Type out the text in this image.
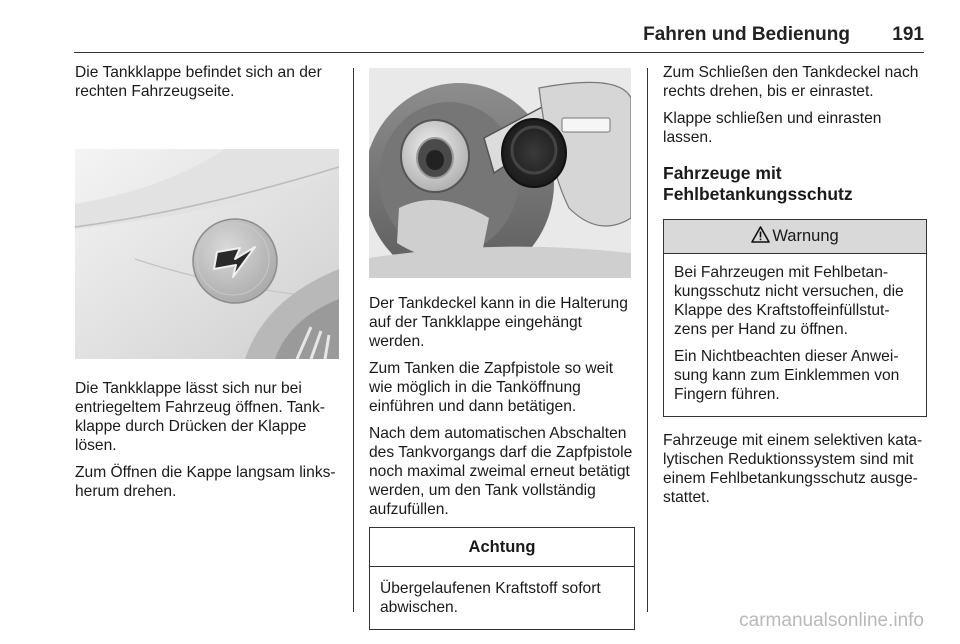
Fahren und Bedienung 191

Die Tankklappe befindet sich an der rechten Fahrzeugseite.

Die Tankklappe lässt sich nur bei entriegeltem Fahrzeug öffnen. Tankklappe durch Drücken der Klappe lösen.

Zum Öffnen die Kappe langsam linksherum drehen.

Der Tankdeckel kann in die Halterung auf der Tankklappe eingehängt werden.

Zum Tanken die Zapfpistole so weit wie möglich in die Tanköffnung einführen und dann betätigen.

Nach dem automatischen Abschalten des Tankvorgangs darf die Zapfpistole noch maximal zweimal erneut betätigt werden, um den Tank vollständig aufzufüllen.

Achtung

Übergelaufenen Kraftstoff sofort abwischen.

Zum Schließen den Tankdeckel nach rechts drehen, bis er einrastet.

Klappe schließen und einrasten lassen.

Fahrzeuge mit Fehlbetankungsschutz
Warnung

Bei Fahrzeugen mit Fehlbetankungsschutz nicht versuchen, die Klappe des Kraftstoffeinfüllstutzens per Hand zu öffnen.

Ein Nichtbeachten dieser Anweisung kann zum Einklemmen von Fingern führen.

Fahrzeuge mit einem selektiven katalytischen Reduktionssystem sind mit einem Fehlbetankungsschutz ausgestattet.

carmanualsonline.info
